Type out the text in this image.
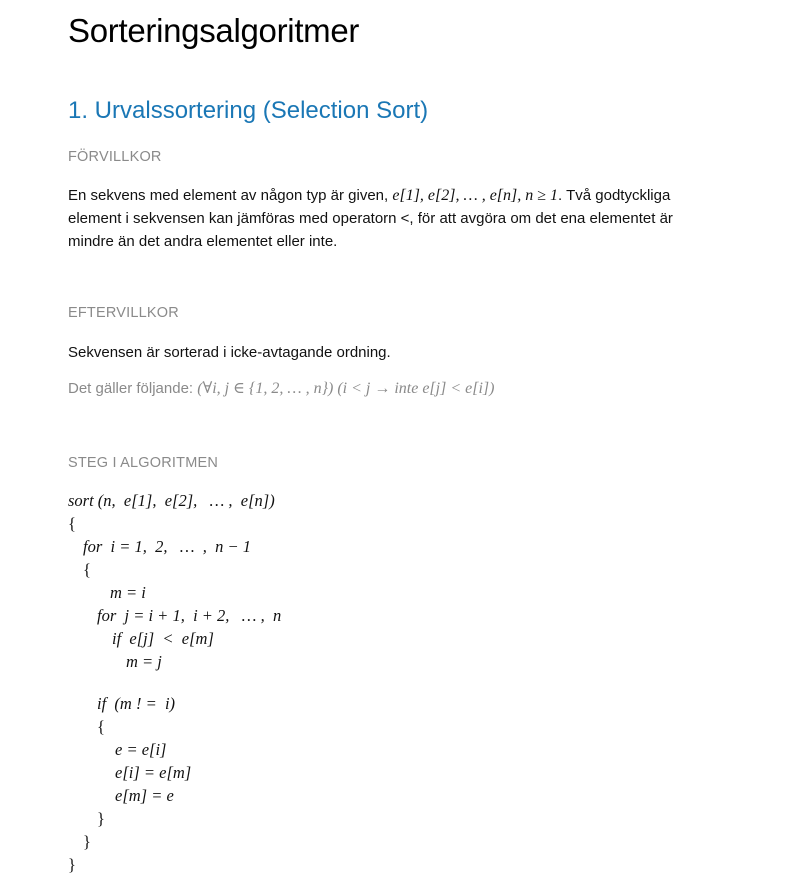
Sorteringsalgoritmer
1. Urvalssortering (Selection Sort)
FÖRVILLKOR
En sekvens med element av någon typ är given, e[1], e[2], … , e[n], n ≥ 1. Två godtyckliga
element i sekvensen kan jämföras med operatorn <, för att avgöra om det ena elementet är
mindre än det andra elementet eller inte.
EFTERVILLKOR
Sekvensen är sorterad i icke-avtagande ordning.
Det gäller följande: (∀i, j ∈ {1, 2, … , n}) (i < j → inte e[j] < e[i])
STEG I ALGORITMEN
sort (n,  e[1],  e[2],   … ,  e[n])
{
for  i = 1,  2,   …  ,  n − 1
{
m = i
for  j = i + 1,  i + 2,   … ,  n
if  e[j]  <  e[m]
m = j
if  (m ! =  i)
{
e = e[i]
e[i] = e[m]
e[m] = e
}
}
}
